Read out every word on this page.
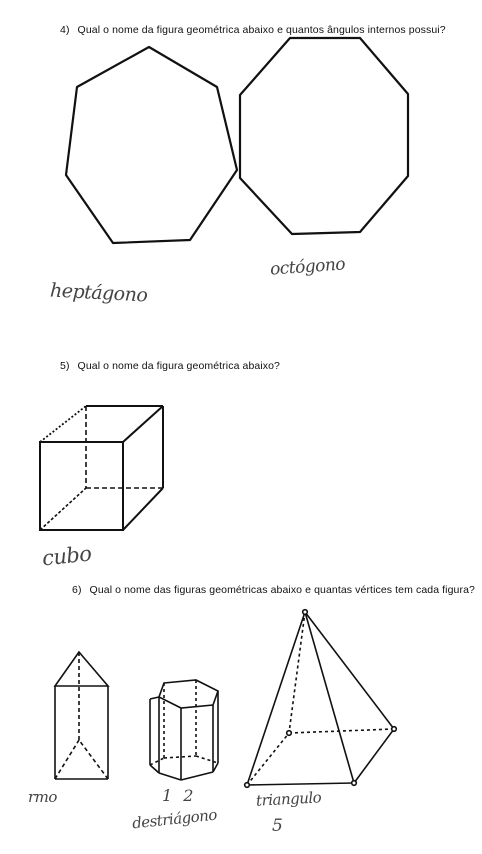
4) Qual o nome da figura geométrica abaixo e quantos ângulos internos possui?
5) Qual o nome da figura geométrica abaixo?
6) Qual o nome das figuras geométricas abaixo e quantas vértices tem cada figura?
heptágono
octógono
cubo
rmo	1 2
destriágono
triangulo
5
